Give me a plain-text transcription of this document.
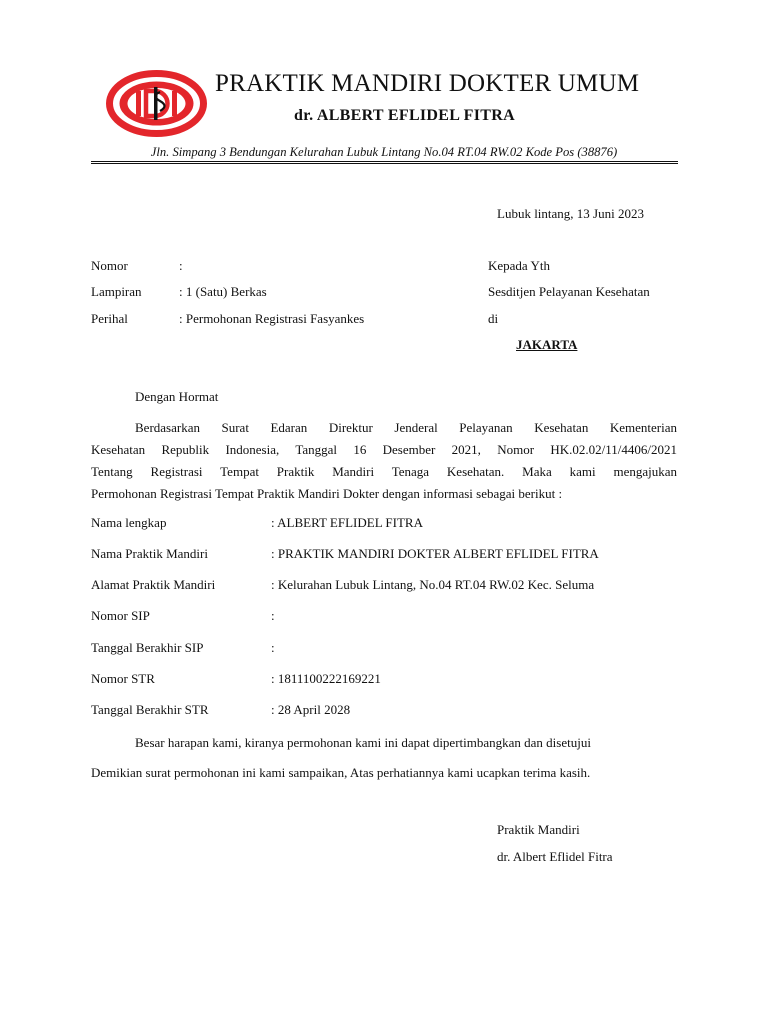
PRAKTIK MANDIRI DOKTER UMUM
dr. ALBERT EFLIDEL FITRA
Jln. Simpang 3 Bendungan Kelurahan Lubuk Lintang No.04 RT.04 RW.02 Kode Pos (38876)
Lubuk lintang, 13 Juni 2023
Nomor	:
Lampiran	: 1 (Satu) Berkas
Perihal	: Permohonan Registrasi Fasyankes
Kepada Yth
Sesditjen Pelayanan Kesehatan
di
JAKARTA
Dengan Hormat
Berdasarkan Surat Edaran Direktur Jenderal Pelayanan Kesehatan Kementerian
Kesehatan Republik Indonesia, Tanggal 16 Desember 2021, Nomor HK.02.02/11/4406/2021
Tentang Registrasi Tempat Praktik Mandiri Tenaga Kesehatan. Maka kami mengajukan
Permohonan Registrasi Tempat Praktik Mandiri Dokter dengan informasi sebagai berikut :
Nama lengkap	: ALBERT EFLIDEL FITRA
Nama Praktik Mandiri	: PRAKTIK MANDIRI DOKTER ALBERT EFLIDEL FITRA
Alamat Praktik Mandiri	: Kelurahan Lubuk Lintang, No.04 RT.04 RW.02 Kec. Seluma
Nomor SIP	:
Tanggal Berakhir SIP	:
Nomor STR	: 1811100222169221
Tanggal Berakhir STR	: 28 April 2028
Besar harapan kami, kiranya permohonan kami ini dapat dipertimbangkan dan disetujui
Demikian surat permohonan ini kami sampaikan, Atas perhatiannya kami ucapkan terima kasih.
Praktik Mandiri
dr. Albert Eflidel Fitra
